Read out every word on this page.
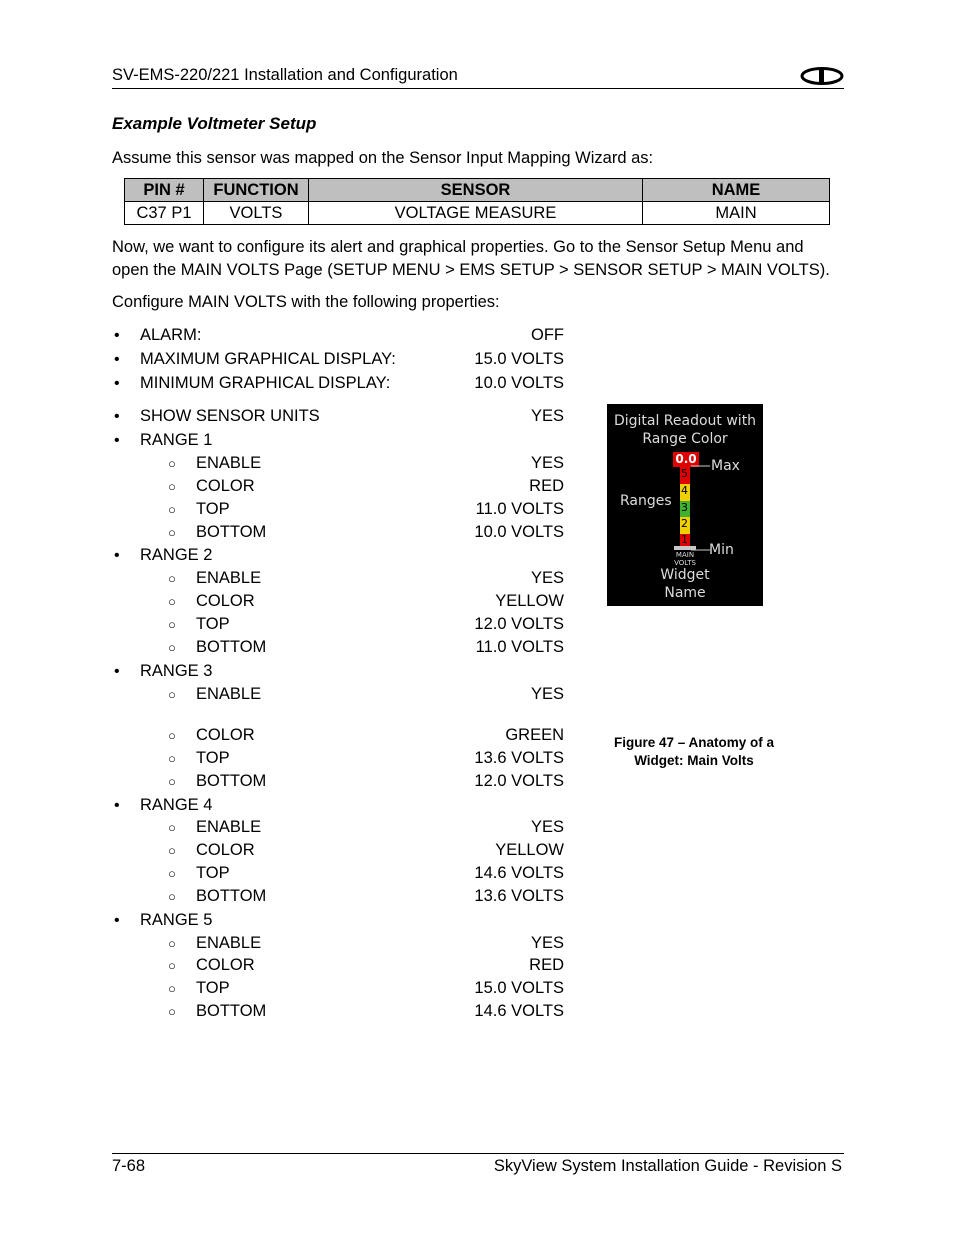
SV-EMS-220/221 Installation and Configuration
Example Voltmeter Setup
Assume this sensor was mapped on the Sensor Input Mapping Wizard as:
PIN #	FUNCTION	SENSOR	NAME
C37 P1	VOLTS	VOLTAGE MEASURE	MAIN
Now, we want to configure its alert and graphical properties. Go to the Sensor Setup Menu and
open the MAIN VOLTS Page (SETUP MENU > EMS SETUP > SENSOR SETUP > MAIN VOLTS).
Configure MAIN VOLTS with the following properties:
• ALARM:	OFF
• MAXIMUM GRAPHICAL DISPLAY:	15.0 VOLTS
• MINIMUM GRAPHICAL DISPLAY:	10.0 VOLTS
• SHOW SENSOR UNITS	YES
• RANGE 1
○ ENABLE	YES
○ COLOR	RED
○ TOP	11.0 VOLTS
○ BOTTOM	10.0 VOLTS
• RANGE 2
○ ENABLE	YES
○ COLOR	YELLOW
○ TOP	12.0 VOLTS
○ BOTTOM	11.0 VOLTS
• RANGE 3
○ ENABLE	YES
○ COLOR	GREEN
○ TOP	13.6 VOLTS
○ BOTTOM	12.0 VOLTS
• RANGE 4
○ ENABLE	YES
○ COLOR	YELLOW
○ TOP	14.6 VOLTS
○ BOTTOM	13.6 VOLTS
• RANGE 5
○ ENABLE	YES
○ COLOR	RED
○ TOP	15.0 VOLTS
○ BOTTOM	14.6 VOLTS
Digital Readout with
Range Color
0.0 Max
5
4
3
2
1
Ranges
Min
MAIN
VOLTS
Widget
Name
Figure 47 – Anatomy of a
Widget: Main Volts
7-68	SkyView System Installation Guide - Revision S
